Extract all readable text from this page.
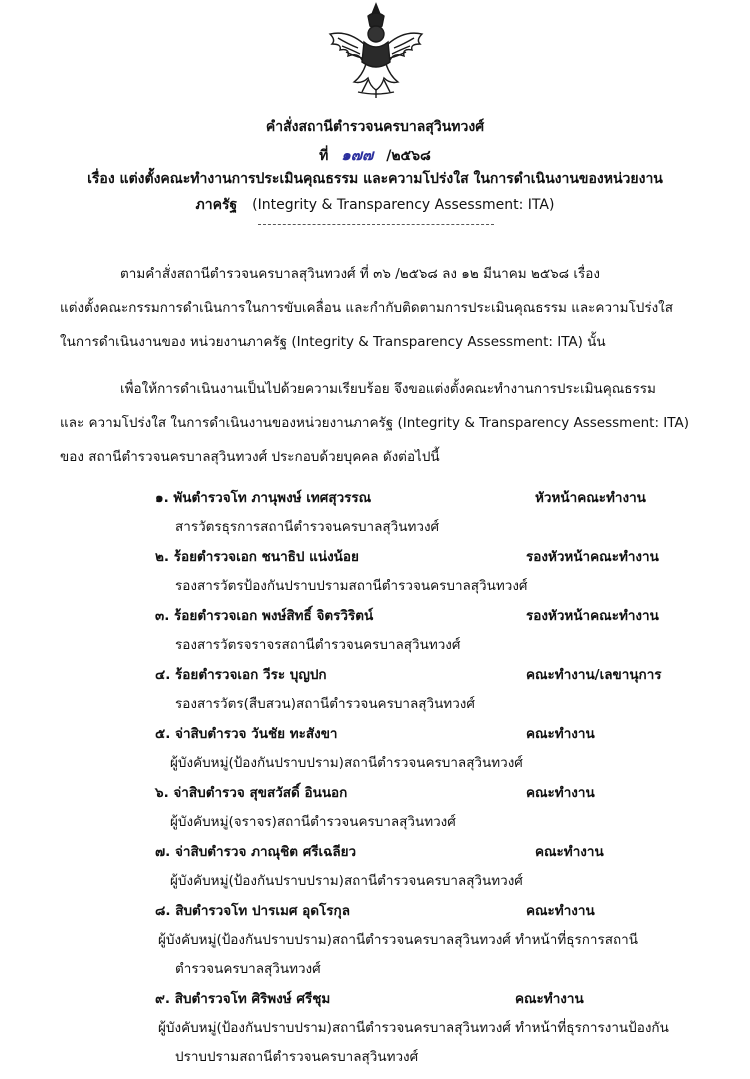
คำสั่งสถานีตำรวจนครบาลสุวินทวงศ์
ที่ ๑๗๗ /๒๕๖๘
เรื่อง แต่งตั้งคณะทำงานการประเมินคุณธรรม และความโปร่งใส ในการดำเนินงานของหน่วยงาน
ภาครัฐ (Integrity & Transparency Assessment: ITA)
ตามคำสั่งสถานีตำรวจนครบาลสุวินทวงศ์ ที่ ๓๖ /๒๕๖๘ ลง ๑๒ มีนาคม ๒๕๖๘ เรื่อง
แต่งตั้งคณะกรรมการดำเนินการในการขับเคลื่อน และกำกับติดตามการประเมินคุณธรรม และความโปร่งใส
ในการดำเนินงานของ หน่วยงานภาครัฐ (Integrity & Transparency Assessment: ITA) นั้น
เพื่อให้การดำเนินงานเป็นไปด้วยความเรียบร้อย จึงขอแต่งตั้งคณะทำงานการประเมินคุณธรรม
และ ความโปร่งใส ในการดำเนินงานของหน่วยงานภาครัฐ (Integrity & Transparency Assessment: ITA)
ของ สถานีตำรวจนครบาลสุวินทวงศ์ ประกอบด้วยบุคคล ดังต่อไปนี้
๑. พันตำรวจโท ภานุพงษ์ เทศสุวรรณ	หัวหน้าคณะทำงาน
สารวัตรธุรการสถานีตำรวจนครบาลสุวินทวงศ์
๒. ร้อยตำรวจเอก ชนาธิป แน่งน้อย	รองหัวหน้าคณะทำงาน
รองสารวัตรป้องกันปราบปรามสถานีตำรวจนครบาลสุวินทวงศ์
๓. ร้อยตำรวจเอก พงษ์สิทธิ์ จิตรวิริตน์	รองหัวหน้าคณะทำงาน
รองสารวัตรจราจรสถานีตำรวจนครบาลสุวินทวงศ์
๔. ร้อยตำรวจเอก วีระ บุญปก	คณะทำงาน/เลขานุการ
รองสารวัตร(สืบสวน)สถานีตำรวจนครบาลสุวินทวงศ์
๕. จ่าสิบตำรวจ วันชัย ทะสังขา	คณะทำงาน
ผู้บังคับหมู่(ป้องกันปราบปราม)สถานีตำรวจนครบาลสุวินทวงศ์
๖. จ่าสิบตำรวจ สุขสวัสดิ์ อินนอก	คณะทำงาน
ผู้บังคับหมู่(จราจร)สถานีตำรวจนครบาลสุวินทวงศ์
๗. จ่าสิบตำรวจ ภาณุชิต ศรีเฉลียว	คณะทำงาน
ผู้บังคับหมู่(ป้องกันปราบปราม)สถานีตำรวจนครบาลสุวินทวงศ์
๘. สิบตำรวจโท ปารเมศ อุดโรกุล	คณะทำงาน
ผู้บังคับหมู่(ป้องกันปราบปราม)สถานีตำรวจนครบาลสุวินทวงศ์ ทำหน้าที่ธุรการสถานี
ตำรวจนครบาลสุวินทวงศ์
๙. สิบตำรวจโท ศิริพงษ์ ศรีชุม	คณะทำงาน
ผู้บังคับหมู่(ป้องกันปราบปราม)สถานีตำรวจนครบาลสุวินทวงศ์ ทำหน้าที่ธุรการงานป้องกัน
ปราบปรามสถานีตำรวจนครบาลสุวินทวงศ์
